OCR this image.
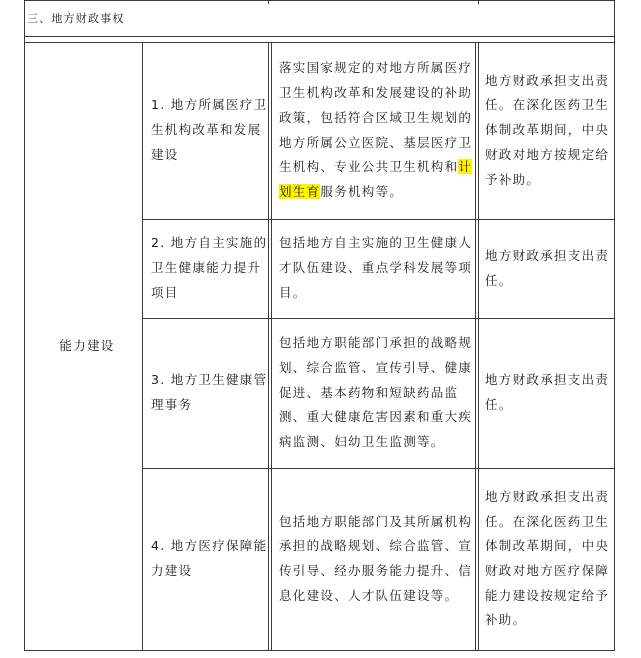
三、地方财政事权

能力建设

1. 地方所属医疗卫

生机构改革和发展

建设

落实国家规定的对地方所属医疗

卫生机构改革和发展建设的补助

政策，包括符合区域卫生规划的

地方所属公立医院、基层医疗卫

生机构、专业公共卫生机构和计

划生育服务机构等。

地方财政承担支出责

任。在深化医药卫生

体制改革期间，中央

财政对地方按规定给

予补助。

2. 地方自主实施的

卫生健康能力提升

项目

包括地方自主实施的卫生健康人

才队伍建设、重点学科发展等项

目。

地方财政承担支出责

任。

3. 地方卫生健康管

理事务

包括地方职能部门承担的战略规

划、综合监管、宣传引导、健康

促进、基本药物和短缺药品监

测、重大健康危害因素和重大疾

病监测、妇幼卫生监测等。

地方财政承担支出责

任。

4. 地方医疗保障能

力建设

包括地方职能部门及其所属机构

承担的战略规划、综合监管、宣

传引导、经办服务能力提升、信

息化建设、人才队伍建设等。

地方财政承担支出责

任。在深化医药卫生

体制改革期间，中央

财政对地方医疗保障

能力建设按规定给予

补助。
